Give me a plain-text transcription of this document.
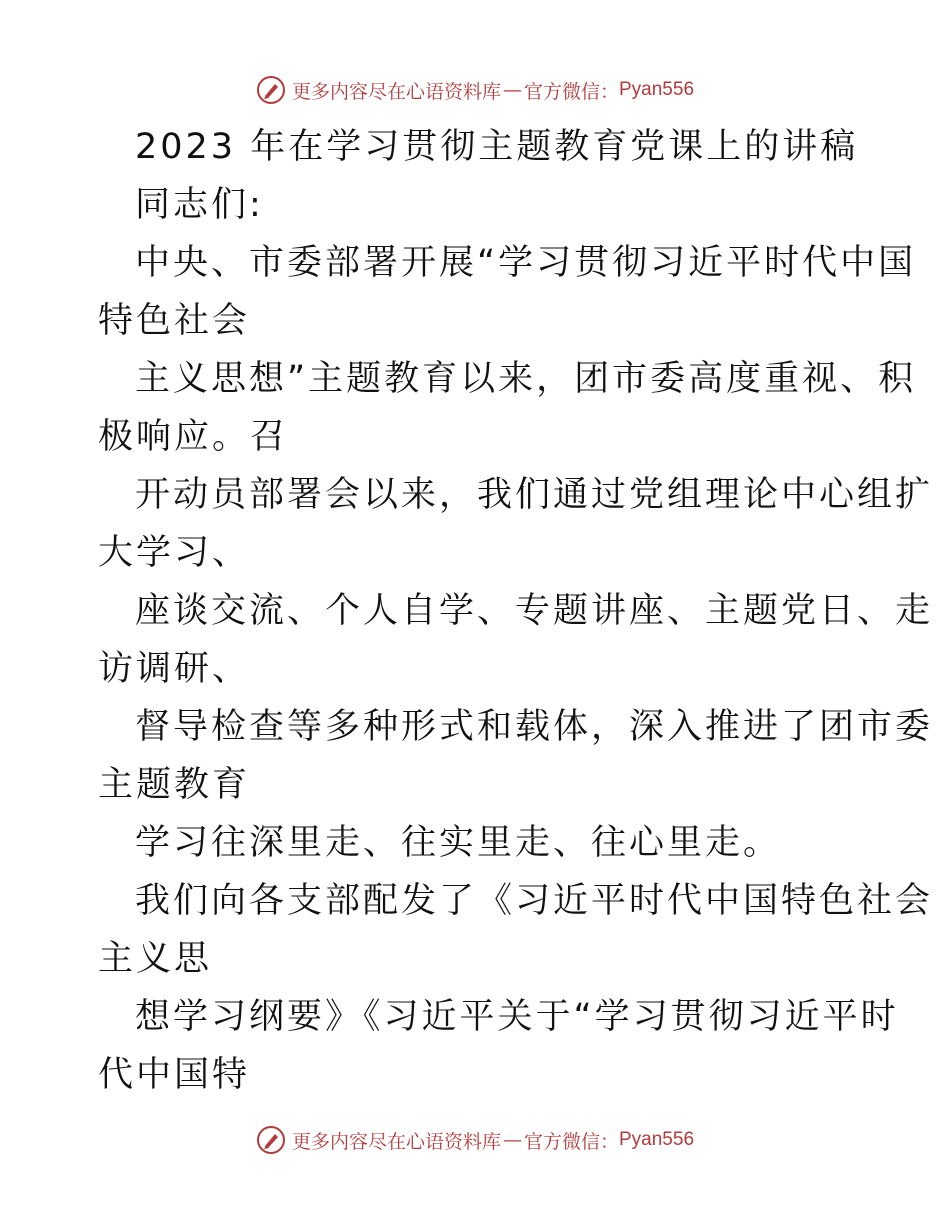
更多内容尽在心语资料库 — 官方微信： Pyan556
2023 年在学习贯彻主题教育党课上的讲稿
同志们:
中央、市委部署开展“学习贯彻习近平时代中国
特色社会
主义思想”主题教育以来，团市委高度重视、积
极响应。召
开动员部署会以来，我们通过党组理论中心组扩
大学习、
座谈交流、个人自学、专题讲座、主题党日、走
访调研、
督导检查等多种形式和载体，深入推进了团市委
主题教育
学习往深里走、往实里走、往心里走。
我们向各支部配发了《习近平时代中国特色社会
主义思
想学习纲要》《习近平关于“学习贯彻习近平时
代中国特
更多内容尽在心语资料库 — 官方微信： Pyan556
